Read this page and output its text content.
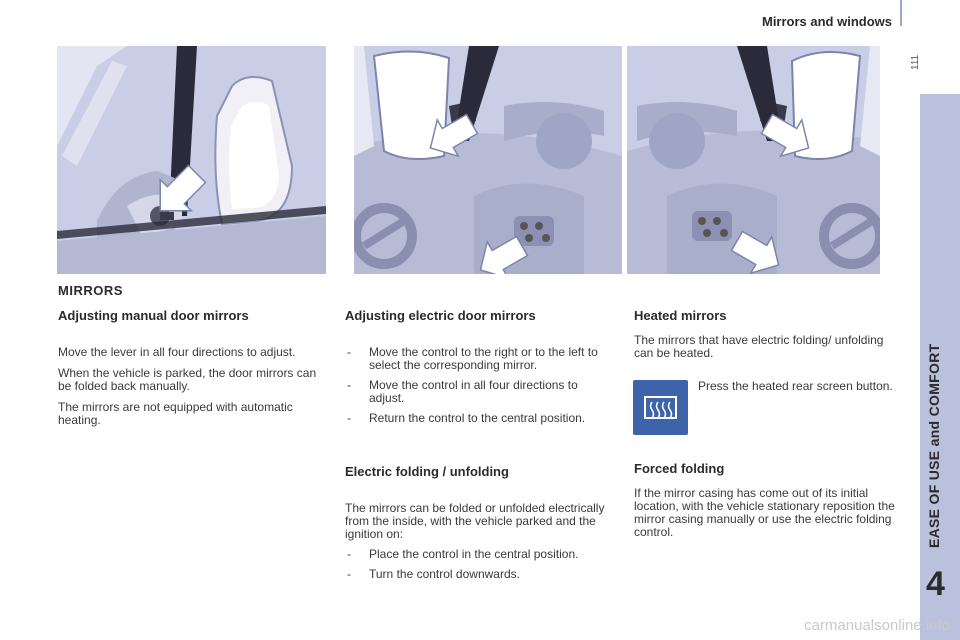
Mirrors and windows
111
4
MIRRORS
Adjusting manual door mirrors

Move the lever in all four directions to adjust.

When the vehicle is parked, the door mirrors can be folded back manually.

The mirrors are not equipped with automatic heating.

Adjusting electric door mirrors
- Move the control to the right or to the left to select the corresponding mirror.
- Move the control in all four directions to adjust.
- Return the control to the central position.
Electric folding / unfolding

The mirrors can be folded or unfolded electrically from the inside, with the vehicle parked and the ignition on:

- Place the control in the central position.
- Turn the control downwards.
Heated mirrors

The mirrors that have electric folding/ unfolding can be heated.

Press the heated rear screen button.
Forced folding

If the mirror casing has come out of its initial location, with the vehicle stationary reposition the mirror casing manually or use the electric folding control.

carmanualsonline.info
